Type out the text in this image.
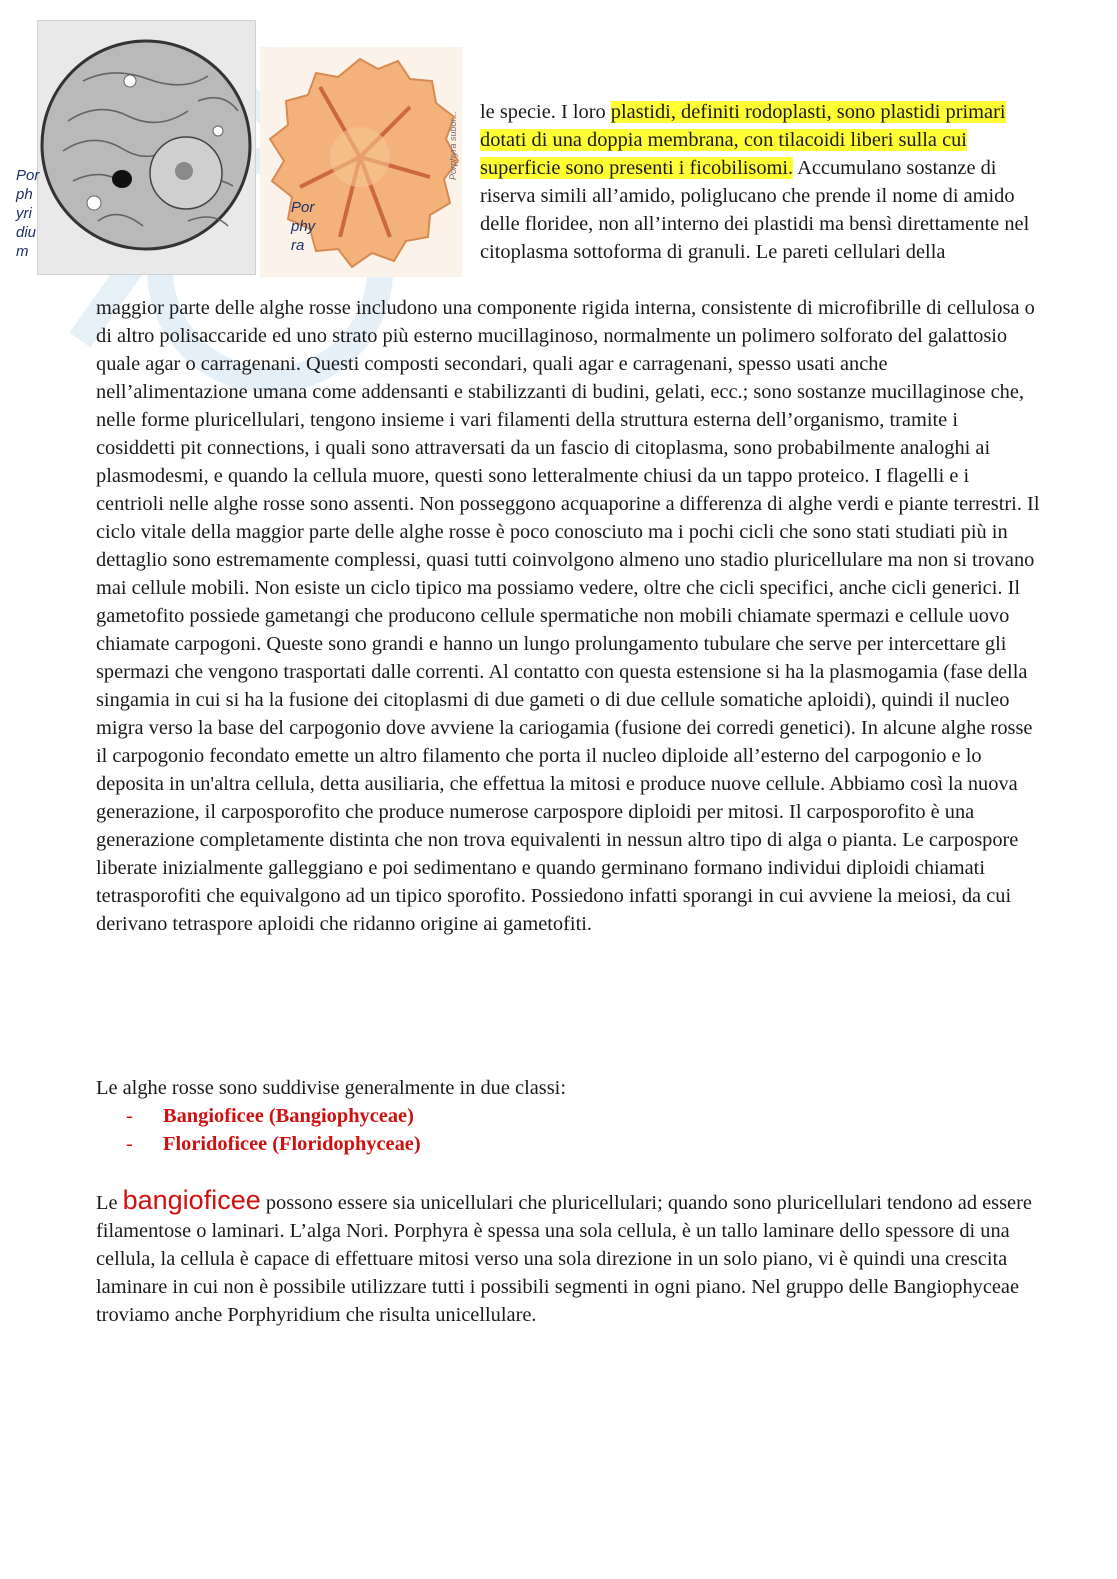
Porphyridium
Porphyra
Porphyra subor... le specie. I loro plastidi, definiti rodoplasti, sono plastidi primari dotati di una doppia membrana, con tilacoidi liberi sulla cui superficie sono presenti i ficobilisomi. Accumulano sostanze di riserva simili all’amido, poliglucano che prende il nome di amido delle floridee, non all’interno dei plastidi ma bensì direttamente nel citoplasma sottoforma di granuli. Le pareti cellulari della

maggior parte delle alghe rosse includono una componente rigida interna, consistente di microfibrille di cellulosa o di altro polisaccaride ed uno strato più esterno mucillaginoso, normalmente un polimero solforato del galattosio quale agar o carragenani. Questi composti secondari, quali agar e carragenani, spesso usati anche nell’alimentazione umana come addensanti e stabilizzanti di budini, gelati, ecc.; sono sostanze mucillaginose che, nelle forme pluricellulari, tengono insieme i vari filamenti della struttura esterna dell’organismo, tramite i cosiddetti pit connections, i quali sono attraversati da un fascio di citoplasma, sono probabilmente analoghi ai plasmodesmi, e quando la cellula muore, questi sono letteralmente chiusi da un tappo proteico. I flagelli e i centrioli nelle alghe rosse sono assenti. Non posseggono acquaporine a differenza di alghe verdi e piante terrestri. Il ciclo vitale della maggior parte delle alghe rosse è poco conosciuto ma i pochi cicli che sono stati studiati più in dettaglio sono estremamente complessi, quasi tutti coinvolgono almeno uno stadio pluricellulare ma non si trovano mai cellule mobili. Non esiste un ciclo tipico ma possiamo vedere, oltre che cicli specifici, anche cicli generici. Il gametofito possiede gametangi che producono cellule spermatiche non mobili chiamate spermazi e cellule uovo chiamate carpogoni. Queste sono grandi e hanno un lungo prolungamento tubulare che serve per intercettare gli spermazi che vengono trasportati dalle correnti. Al contatto con questa estensione si ha la plasmogamia (fase della singamia in cui si ha la fusione dei citoplasmi di due gameti o di due cellule somatiche aploidi), quindi il nucleo migra verso la base del carpogonio dove avviene la cariogamia (fusione dei corredi genetici). In alcune alghe rosse il carpogonio fecondato emette un altro filamento che porta il nucleo diploide all’esterno del carpogonio e lo deposita in un'altra cellula, detta ausiliaria, che effettua la mitosi e produce nuove cellule. Abbiamo così la nuova generazione, il carposporofito che produce numerose carpospore diploidi per mitosi. Il carposporofito è una generazione completamente distinta che non trova equivalenti in nessun altro tipo di alga o pianta. Le carpospore liberate inizialmente galleggiano e poi sedimentano e quando germinano formano individui diploidi chiamati tetrasporofiti che equivalgono ad un tipico sporofito. Possiedono infatti sporangi in cui avviene la meiosi, da cui derivano tetraspore aploidi che ridanno origine ai gametofiti.

Le alghe rosse sono suddivise generalmente in due classi:

- Bangioficee (Bangiophyceae)
- Floridoficee (Floridophyceae)

Le bangioficee possono essere sia unicellulari che pluricellulari; quando sono pluricellulari tendono ad essere filamentose o laminari. L’alga Nori. Porphyra è spessa una sola cellula, è un tallo laminare dello spessore di una cellula, la cellula è capace di effettuare mitosi verso una sola direzione in un solo piano, vi è quindi una crescita laminare in cui non è possibile utilizzare tutti i possibili segmenti in ogni piano. Nel gruppo delle Bangiophyceae troviamo anche Porphyridium che risulta unicellulare.
